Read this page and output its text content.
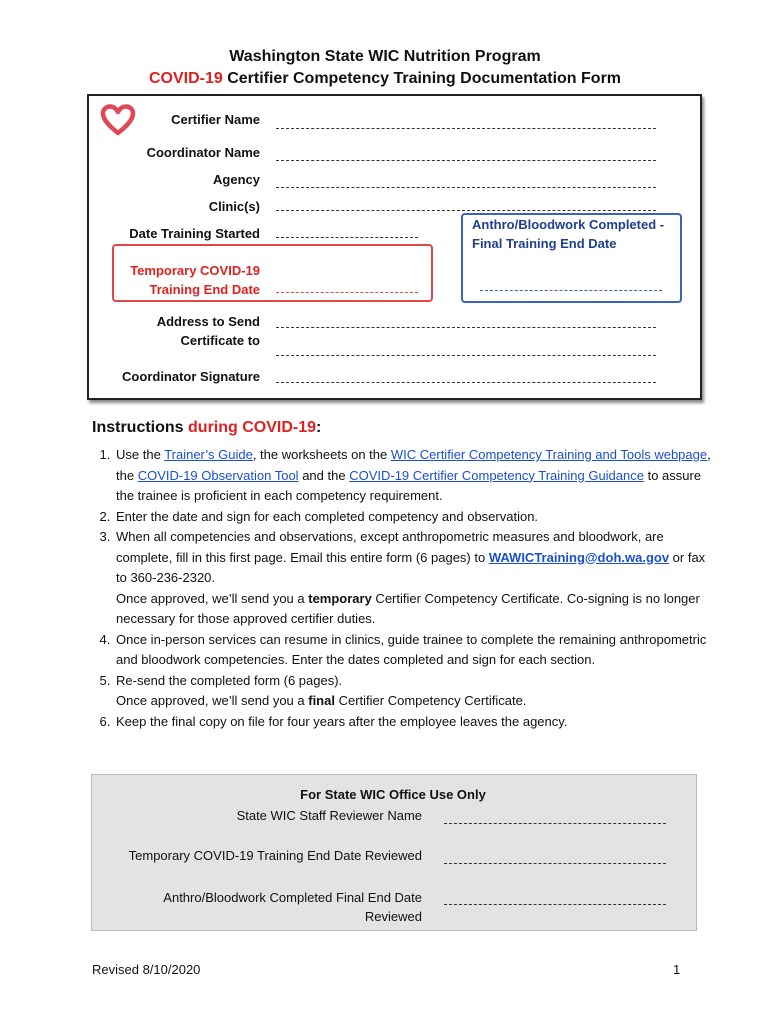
Washington State WIC Nutrition Program
COVID-19 Certifier Competency Training Documentation Form
Certifier Name
Coordinator Name
Agency
Clinic(s)
Date Training Started
Temporary COVID-19
Training End Date
Anthro/Bloodwork Completed -
Final Training End Date
Address to Send
Certificate to
Coordinator Signature
Instructions during COVID-19:
1. Use the Trainer’s Guide, the worksheets on the WIC Certifier Competency Training and Tools webpage, the COVID-19 Observation Tool and the COVID-19 Certifier Competency Training Guidance to assure the trainee is proficient in each competency requirement.
2. Enter the date and sign for each completed competency and observation.
3. When all competencies and observations, except anthropometric measures and bloodwork, are complete, fill in this first page. Email this entire form (6 pages) to WAWICTraining@doh.wa.gov or fax to 360-236-2320.
Once approved, we’ll send you a temporary Certifier Competency Certificate. Co-signing is no longer necessary for those approved certifier duties.
4. Once in-person services can resume in clinics, guide trainee to complete the remaining anthropometric and bloodwork competencies. Enter the dates completed and sign for each section.
5. Re-send the completed form (6 pages).
Once approved, we’ll send you a final Certifier Competency Certificate.
6. Keep the final copy on file for four years after the employee leaves the agency.
For State WIC Office Use Only
State WIC Staff Reviewer Name
Temporary COVID-19 Training End Date Reviewed
Anthro/Bloodwork Completed Final End Date
Reviewed
Revised 8/10/2020	1
